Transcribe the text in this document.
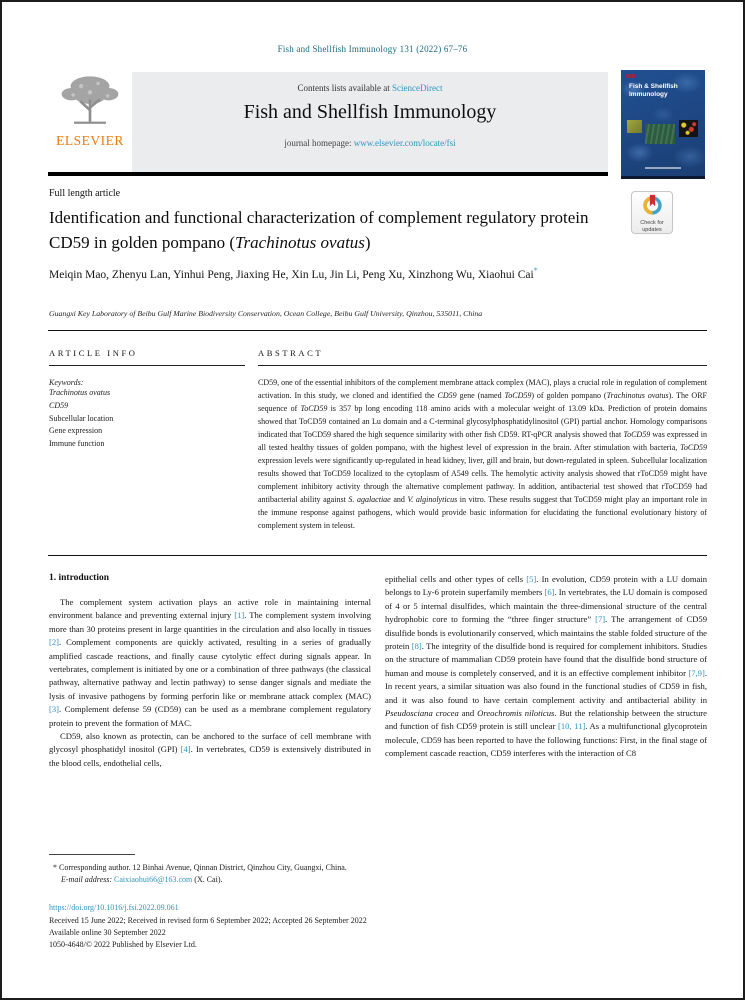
Fish and Shellfish Immunology 131 (2022) 67–76
ELSEVIER
Contents lists available at ScienceDirect
Fish and Shellfish Immunology
journal homepage: www.elsevier.com/locate/fsi
Fish & Shellfish
Immunology
Full length article
Identification and functional characterization of complement regulatory protein CD59 in golden pompano (Trachinotus ovatus)
Check for
updates
Meiqin Mao, Zhenyu Lan, Yinhui Peng, Jiaxing He, Xin Lu, Jin Li, Peng Xu, Xinzhong Wu, Xiaohui Cai*
Guangxi Key Laboratory of Beibu Gulf Marine Biodiversity Conservation, Ocean College, Beibu Gulf University, Qinzhou, 535011, China
ARTICLE INFO
Keywords:
Trachinotus ovatus
CD59
Subcellular location
Gene expression
Immune function
ABSTRACT
CD59, one of the essential inhibitors of the complement membrane attack complex (MAC), plays a crucial role in regulation of complement activation. In this study, we cloned and identified the CD59 gene (named ToCD59) of golden pompano (Trachinotus ovatus). The ORF sequence of ToCD59 is 357 bp long encoding 118 amino acids with a molecular weight of 13.09 kDa. Prediction of protein domains showed that ToCD59 contained an Lu domain and a C-terminal glycosylphosphatidylinositol (GPI) partial anchor. Homology comparisons indicated that ToCD59 shared the high sequence similarity with other fish CD59. RT-qPCR analysis showed that ToCD59 was expressed in all tested healthy tissues of golden pompano, with the highest level of expression in the brain. After stimulation with bacteria, ToCD59 expression levels were significantly up-regulated in head kidney, liver, gill and brain, but down-regulated in spleen. Subcellular localization results showed that ToCD59 localized to the cytoplasm of A549 cells. The hemolytic activity analysis showed that rToCD59 might have complement inhibitory activity through the alternative complement pathway. In addition, antibacterial test showed that rToCD59 had antibacterial ability against S. agalactiae and V. alginolyticus in vitro. These results suggest that ToCD59 might play an important role in the immune response against pathogens, which would provide basic information for elucidating the functional evolutionary history of complement system in teleost.
1. introduction

The complement system activation plays an active role in maintaining internal environment balance and preventing external injury [1]. The complement system involving more than 30 proteins present in large quantities in the circulation and also locally in tissues [2]. Complement components are quickly activated, resulting in a series of gradually amplified cascade reactions, and finally cause cytolytic effect during signals appear. In vertebrates, complement is initiated by one or a combination of three pathways (the classical pathway, alternative pathway and lectin pathway) to sense danger signals and mediate the lysis of invasive pathogens by forming perforin like or membrane attack complex (MAC) [3]. Complement defense 59 (CD59) can be used as a membrane complement regulatory protein to prevent the formation of MAC.

CD59, also known as protectin, can be anchored to the surface of cell membrane with glycosyl phosphatidyl inositol (GPI) [4]. In vertebrates, CD59 is extensively distributed in the blood cells, endothelial cells,

epithelial cells and other types of cells [5]. In evolution, CD59 protein with a LU domain belongs to Ly-6 protein superfamily members [6]. In vertebrates, the LU domain is composed of 4 or 5 internal disulfides, which maintain the three-dimensional structure of the central hydrophobic core to forming the “three finger structure” [7]. The arrangement of CD59 disulfide bonds is evolutionarily conserved, which maintains the stable folded structure of the protein [8]. The integrity of the disulfide bond is required for complement inhibitors. Studies on the structure of mammalian CD59 protein have found that the disulfide bond structure of human and mouse is completely conserved, and it is an effective complement inhibitor [7,9]. In recent years, a similar situation was also found in the functional studies of CD59 in fish, and it was also found to have certain complement activity and antibacterial ability in Pseudosciana crocea and Oreochromis niloticus. But the relationship between the structure and function of fish CD59 protein is still unclear [10, 11]. As a multifunctional glycoprotein molecule, CD59 has been reported to have the following functions: First, in the final stage of complement cascade reaction, CD59 interferes with the interaction of C8

* Corresponding author. 12 Binhai Avenue, Qinnan District, Qinzhou City, Guangxi, China.
E-mail address: Caixiaohui66@163.com (X. Cai).
https://doi.org/10.1016/j.fsi.2022.09.061
Received 15 June 2022; Received in revised form 6 September 2022; Accepted 26 September 2022
Available online 30 September 2022
1050-4648/© 2022 Published by Elsevier Ltd.
